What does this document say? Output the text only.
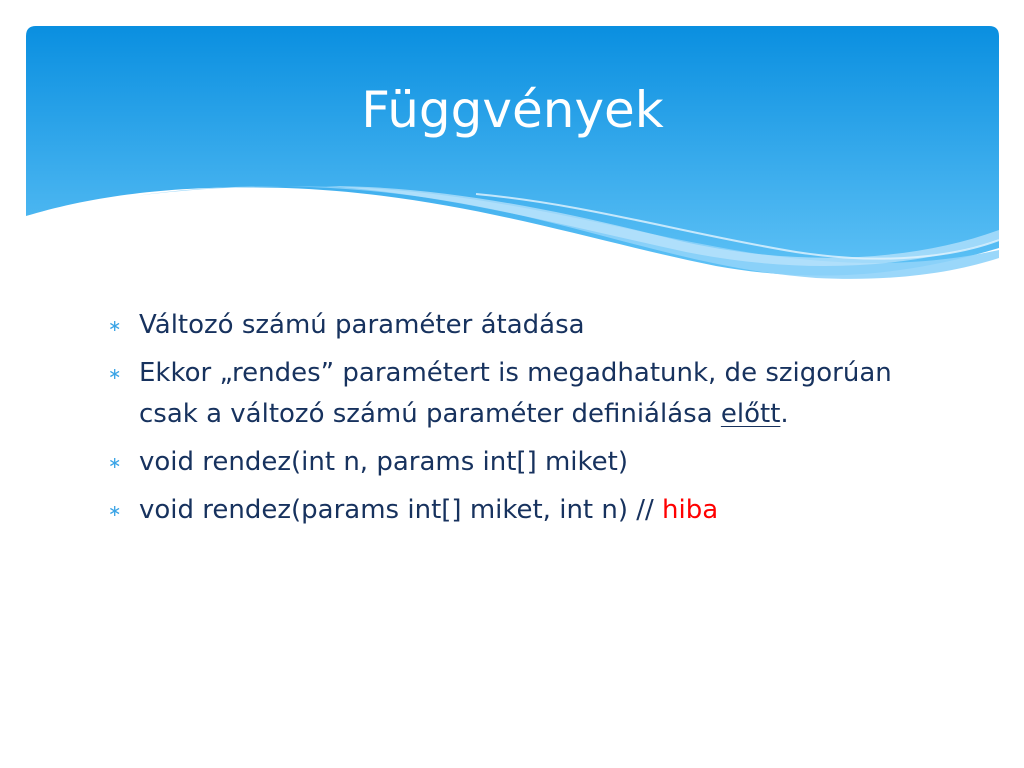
Függvények
∗ Változó számú paraméter átadása
∗ Ekkor „rendes” paramétert is megadhatunk, de szigorúan csak a változó számú paraméter definiálása előtt.
∗ void rendez(int n, params int[] miket)
∗ void rendez(params int[] miket, int n) // hiba
